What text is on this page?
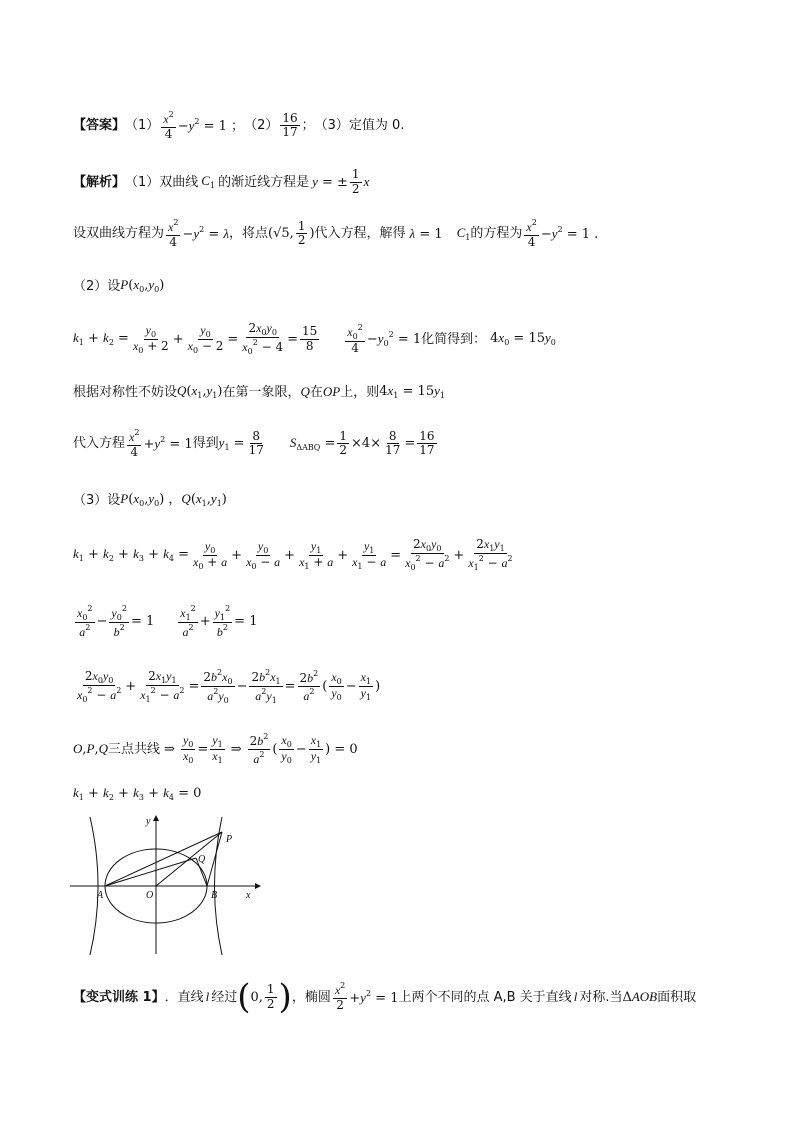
【答案】 （1） $x^2$
$4 -y^2 = 1$ ； （2）
16
17 ； （3）定值为 0.
【解析】 （1）双曲线 $C_1$ 的渐近线方程是 y = ± $\frac{1}{2}$ x
设双曲线方程为 $x^2$
$4 -y^2 = \lambda$ ，将点 (√5,
1
2 ) 代入方程，解得 λ = 1 $C_1$ 的方程为 $x^2$
$4 -y^2 = 1$ .
（2）设 $P(x_0,y_0)$
$k_1 + k_2 = \frac{y_0}{x_0 + 2} + \frac{y_0}{x_0 - 2} = \frac{2x_0y_0}{x_0^2 - 4} = \frac{15}{8} x_0^2$
4
$-y_0^2 = 1$ 化简得到： $4x_0 = 15y_0$
根据对称性不妨设 $Q(x_1,y_1)$ 在第一象限， Q 在 OP 上，则 $4x_1 = 15y_1$
代入方程 $x^2$
$4 +y^2 = 1$ 得到 $y_1 = \frac{8}{17} S_{\Delta ABQ} = \frac{1}{2} \times 4\times \frac{8}{17} = \frac{16}{17}$
（3）设 $P(x_0,y_0)$ ，$Q(x_1,y_1)$
$k_1 + k_2 + k_3 + k_4 = \frac{y_0}{x_0 + a} + \frac{y_0}{x_0 - a} + \frac{y_1}{x_1 + a} + \frac{y_1}{x_1 - a} = \frac{2x_0y_0}{x_0^2 - a^2} + \frac{2x_1y_1}{x_1^2 - a^2}$
$x_0^2$
$a^2 - \frac{y_0^2}{b^2} = 1$
$x_1^2$
$a^2 + \frac{y_1^2}{b^2} = 1$
$2x_0y_0$
$x_0^2 - a^2 + \frac{2x_1y_1}{x_1^2 - a^2} = \frac{2b^2x_0}{a^2y_0} - \frac{2b^2x_1}{a^2y_1} = \frac{2b^2}{a^2}$ (
$x_0$
$y_0$
− $\frac{x_1}{y_1}$ )
O,P,Q 三点共线 ⇒ $\frac{y_0}{x_0} = \frac{y_1}{x_1}$ ⇒
$2b^2$
$a^2$ (
$x_0$
$y_0$
− $\frac{x_1}{y_1}$ ) = 0
$k_1 + k_2 + k_3 + k_4 = 0$
y
x
P
Q
A	O	B
【变式训练 1】 ．直线 l 经过 ( 0,
1
2 ) ，椭圆 $x^2$
$2 +y^2 = 1$ 上两个不同的点 A,B 关于直线 l 对称.当 ΔAOB 面积取
